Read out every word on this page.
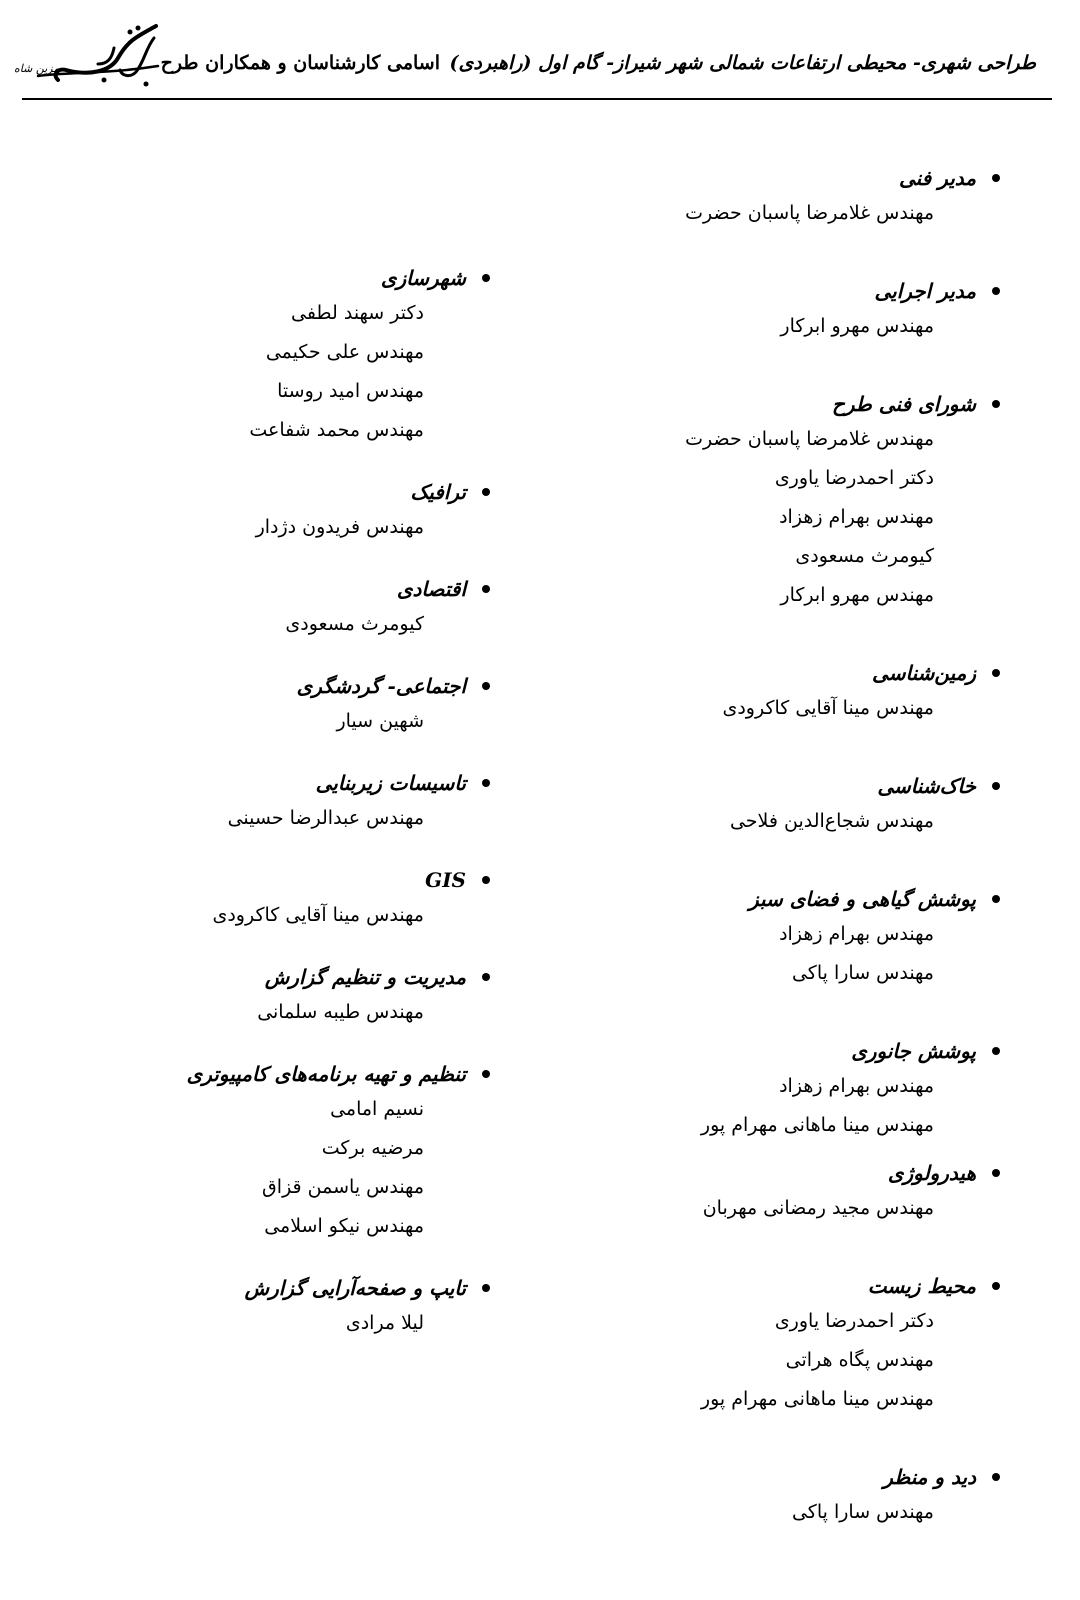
مزین شاه	اسامی کارشناسان و همکاران طرح طراحی شهری- محیطی ارتفاعات شمالی شهر شیراز- گام اول (راهبردی)
مدیر فنی
مهندس غلامرضا پاسبان حضرت
مدیر اجرایی
مهندس مهرو ابرکار
شورای فنی طرح
مهندس غلامرضا پاسبان حضرت
دکتر احمدرضا یاوری
مهندس بهرام زهزاد
کیومرث مسعودی
مهندس مهرو ابرکار
زمین‌شناسی
مهندس مینا آقایی کاکرودی
خاک‌شناسی
مهندس شجاع‌الدین فلاحی
پوشش گیاهی و فضای سبز
مهندس بهرام زهزاد
مهندس سارا پاکی
پوشش جانوری
مهندس بهرام زهزاد
مهندس مینا ماهانی مهرام پور
هیدرولوژی
مهندس مجید رمضانی مهربان
محیط زیست
دکتر احمدرضا یاوری
مهندس پگاه هراتی
مهندس مینا ماهانی مهرام پور
دید و منظر
مهندس سارا پاکی
شهرسازی
دکتر سهند لطفی
مهندس علی حکیمی
مهندس امید روستا
مهندس محمد شفاعت
ترافیک
مهندس فریدون دژدار
اقتصادی
کیومرث مسعودی
اجتماعی- گردشگری
شهین سیار
تاسیسات زیربنایی
مهندس عبدالرضا حسینی
GIS
مهندس مینا آقایی کاکرودی
مدیریت و تنظیم گزارش
مهندس طیبه سلمانی
تنظیم و تهیه برنامه‌های کامپیوتری
نسیم امامی
مرضیه برکت
مهندس یاسمن قزاق
مهندس نیکو اسلامی
تایپ و صفحه‌آرایی گزارش
لیلا مرادی
